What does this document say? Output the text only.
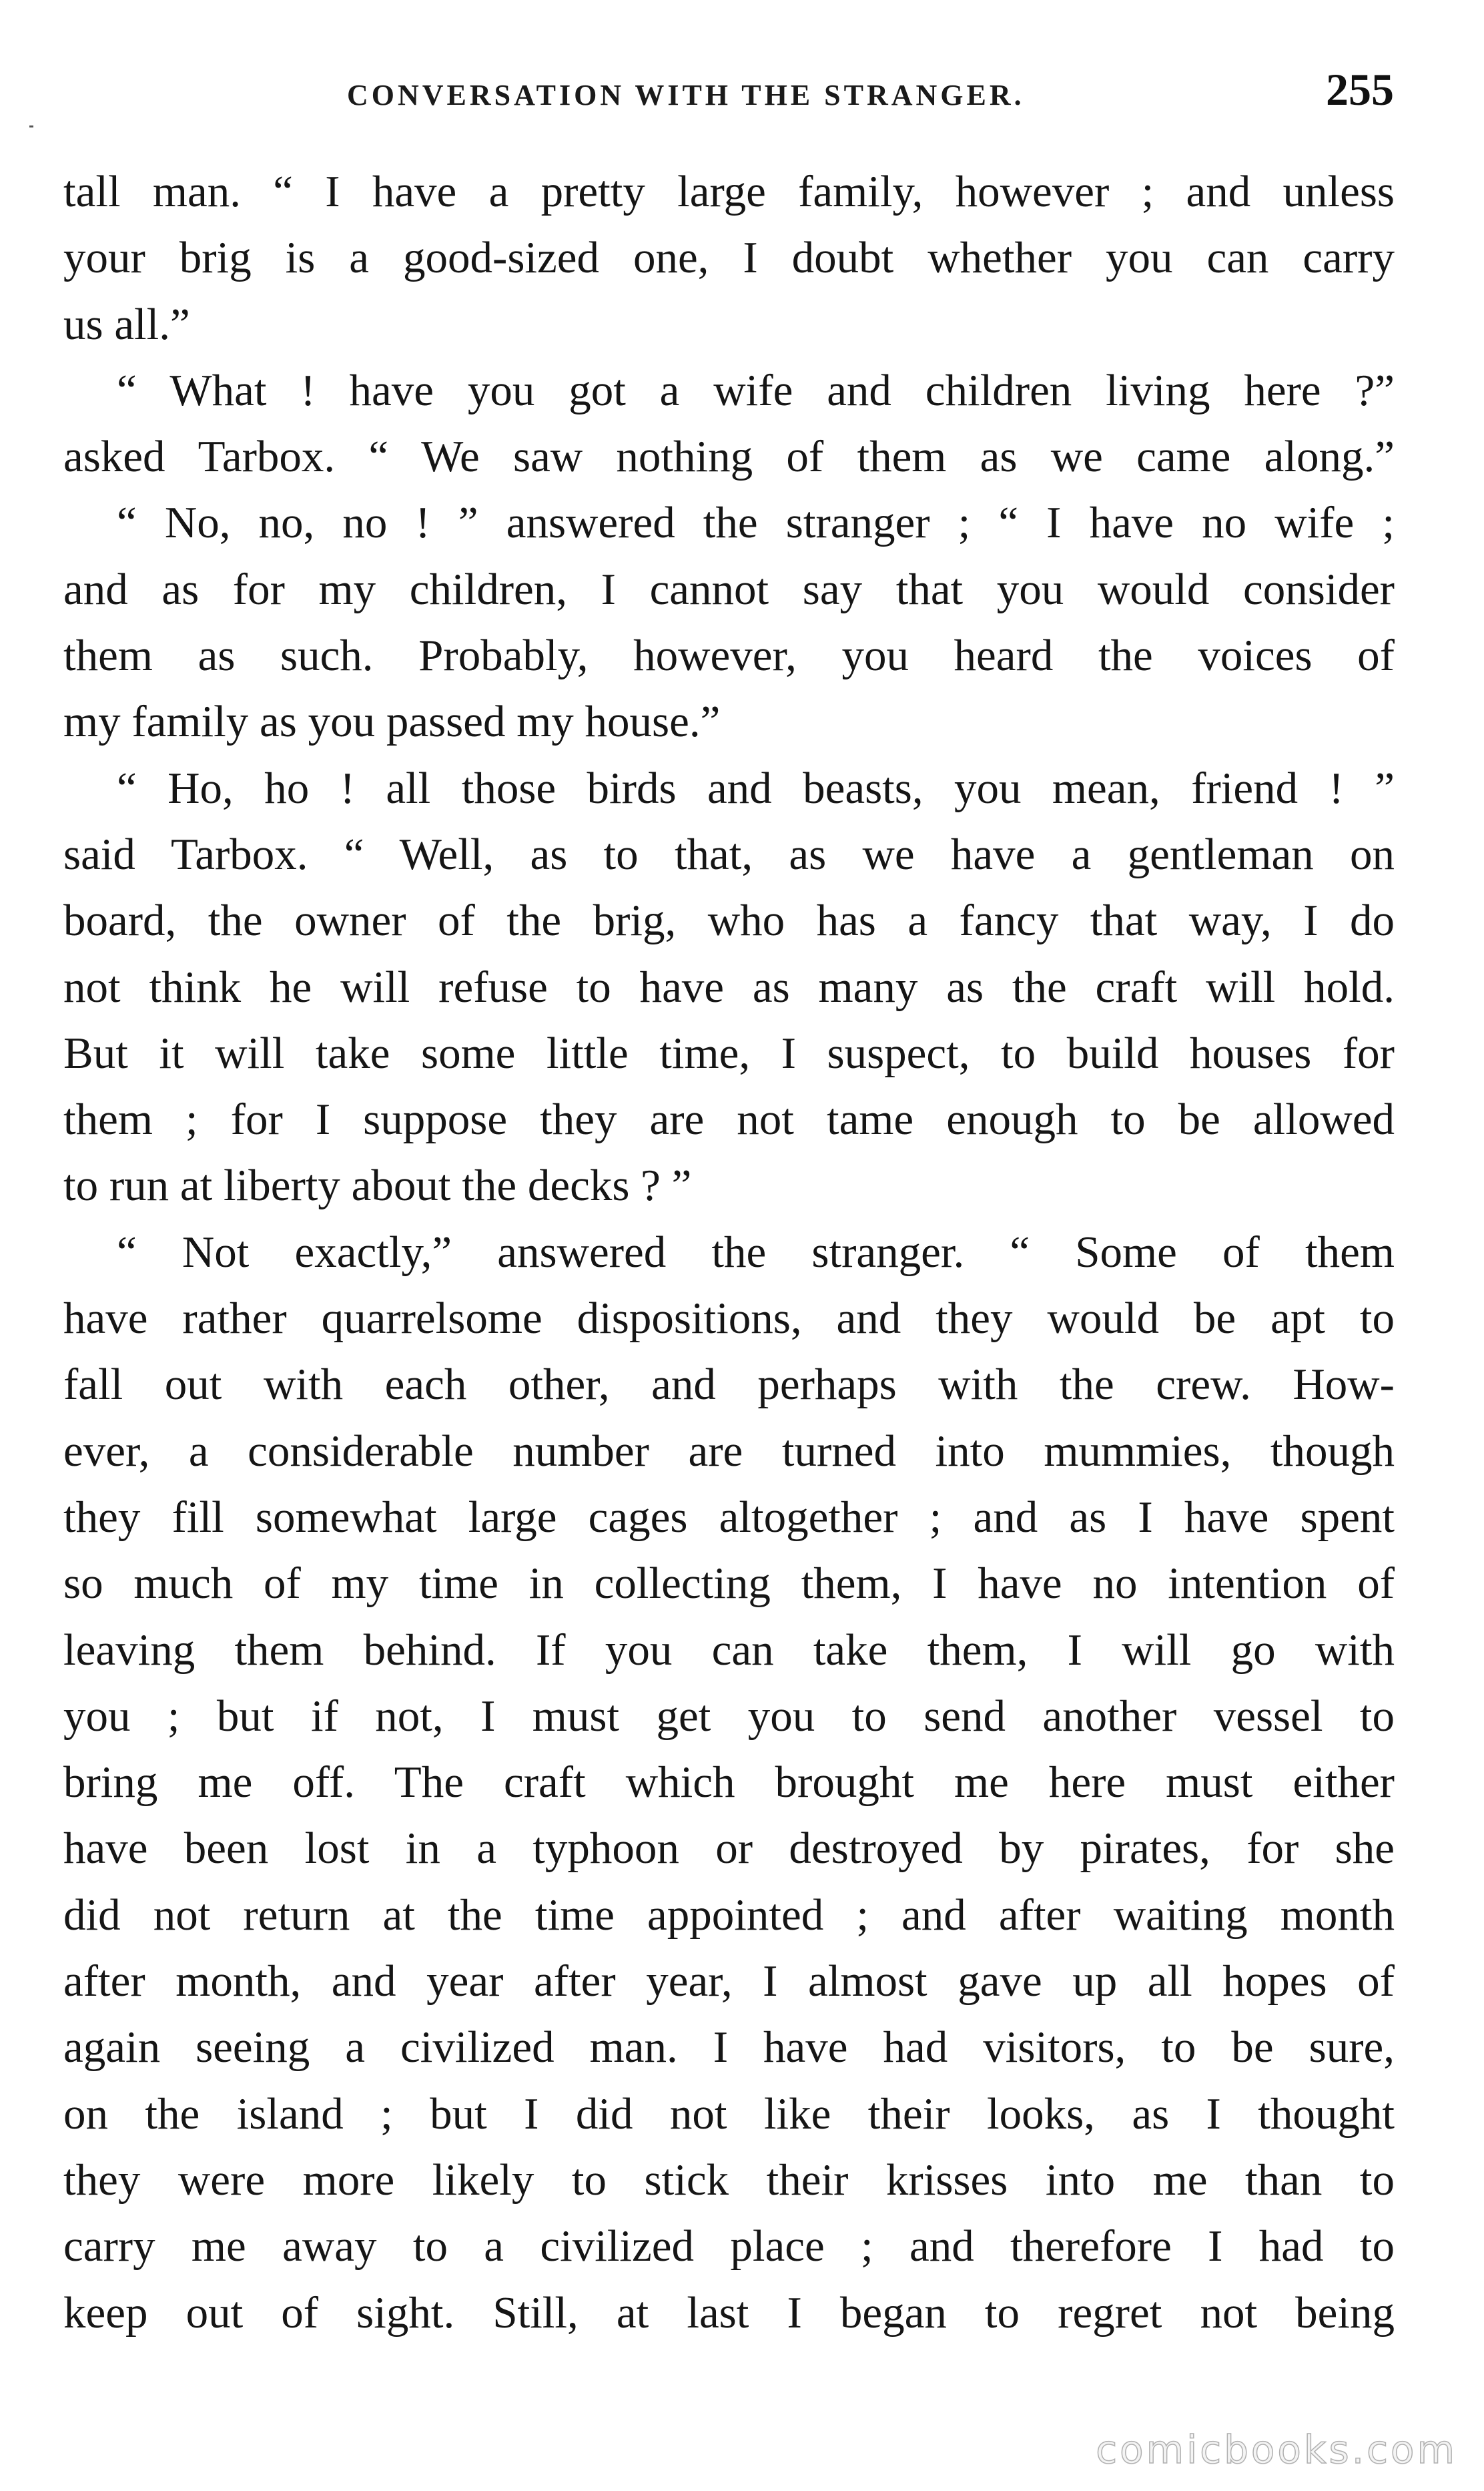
CONVERSATION WITH THE STRANGER.	255
tall man. “ I have a pretty large family, however ; and unless
your brig is a good-sized one, I doubt whether you can carry
us all.”
“ What ! have you got a wife and children living here ?”
asked Tarbox. “ We saw nothing of them as we came along.”
“ No, no, no ! ” answered the stranger ; “ I have no wife ;
and as for my children, I cannot say that you would consider
them as such. Probably, however, you heard the voices of
my family as you passed my house.”
“ Ho, ho ! all those birds and beasts, you mean, friend ! ”
said Tarbox. “ Well, as to that, as we have a gentleman on
board, the owner of the brig, who has a fancy that way, I do
not think he will refuse to have as many as the craft will hold.
But it will take some little time, I suspect, to build houses for
them ; for I suppose they are not tame enough to be allowed
to run at liberty about the decks ? ”
“ Not exactly,” answered the stranger. “ Some of them
have rather quarrelsome dispositions, and they would be apt to
fall out with each other, and perhaps with the crew. How-
ever, a considerable number are turned into mummies, though
they fill somewhat large cages altogether ; and as I have spent
so much of my time in collecting them, I have no intention of
leaving them behind. If you can take them, I will go with
you ; but if not, I must get you to send another vessel to
bring me off. The craft which brought me here must either
have been lost in a typhoon or destroyed by pirates, for she
did not return at the time appointed ; and after waiting month
after month, and year after year, I almost gave up all hopes of
again seeing a civilized man. I have had visitors, to be sure,
on the island ; but I did not like their looks, as I thought
they were more likely to stick their krisses into me than to
carry me away to a civilized place ; and therefore I had to
keep out of sight. Still, at last I began to regret not being
comicbooks.com
